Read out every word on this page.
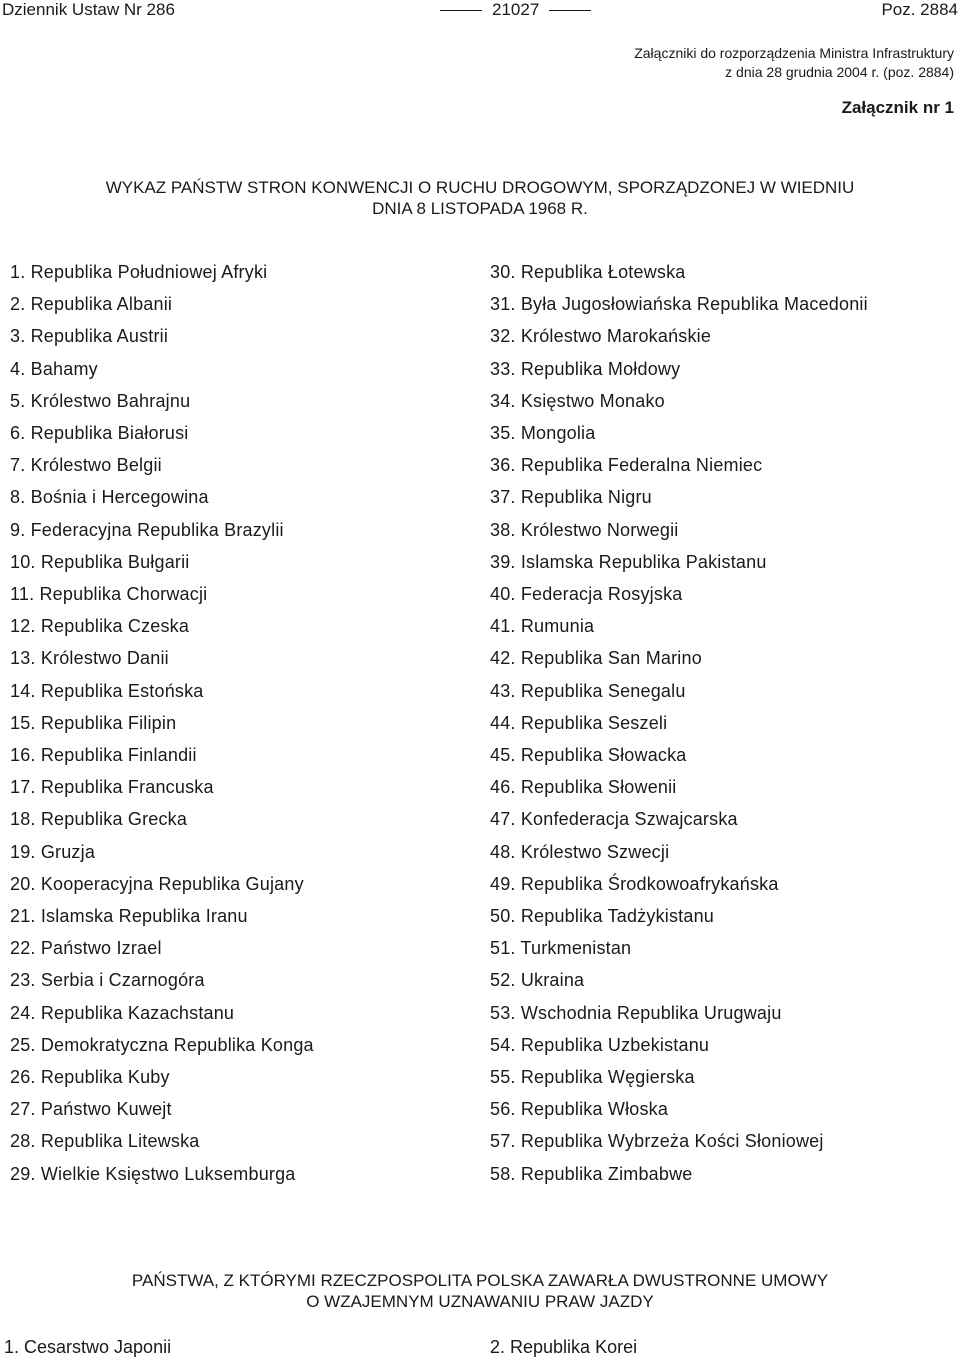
Dziennik Ustaw Nr 286	21027	Poz. 2884
Załączniki do rozporządzenia Ministra Infrastruktury
z dnia 28 grudnia 2004 r. (poz. 2884)
Załącznik nr 1
WYKAZ PAŃSTW STRON KONWENCJI O RUCHU DROGOWYM, SPORZĄDZONEJ W WIEDNIU
DNIA 8 LISTOPADA 1968 R.
1. Republika Południowej Afryki
2. Republika Albanii
3. Republika Austrii
4. Bahamy
5. Królestwo Bahrajnu
6. Republika Białorusi
7. Królestwo Belgii
8. Bośnia i Hercegowina
9. Federacyjna Republika Brazylii
10. Republika Bułgarii
11. Republika Chorwacji
12. Republika Czeska
13. Królestwo Danii
14. Republika Estońska
15. Republika Filipin
16. Republika Finlandii
17. Republika Francuska
18. Republika Grecka
19. Gruzja
20. Kooperacyjna Republika Gujany
21. Islamska Republika Iranu
22. Państwo Izrael
23. Serbia i Czarnogóra
24. Republika Kazachstanu
25. Demokratyczna Republika Konga
26. Republika Kuby
27. Państwo Kuwejt
28. Republika Litewska
29. Wielkie Księstwo Luksemburga
30. Republika Łotewska
31. Była Jugosłowiańska Republika Macedonii
32. Królestwo Marokańskie
33. Republika Mołdowy
34. Księstwo Monako
35. Mongolia
36. Republika Federalna Niemiec
37. Republika Nigru
38. Królestwo Norwegii
39. Islamska Republika Pakistanu
40. Federacja Rosyjska
41. Rumunia
42. Republika San Marino
43. Republika Senegalu
44. Republika Seszeli
45. Republika Słowacka
46. Republika Słowenii
47. Konfederacja Szwajcarska
48. Królestwo Szwecji
49. Republika Środkowoafrykańska
50. Republika Tadżykistanu
51. Turkmenistan
52. Ukraina
53. Wschodnia Republika Urugwaju
54. Republika Uzbekistanu
55. Republika Węgierska
56. Republika Włoska
57. Republika Wybrzeża Kości Słoniowej
58. Republika Zimbabwe
PAŃSTWA, Z KTÓRYMI RZECZPOSPOLITA POLSKA ZAWARŁA DWUSTRONNE UMOWY
O WZAJEMNYM UZNAWANIU PRAW JAZDY
1. Cesarstwo Japonii	2. Republika Korei
